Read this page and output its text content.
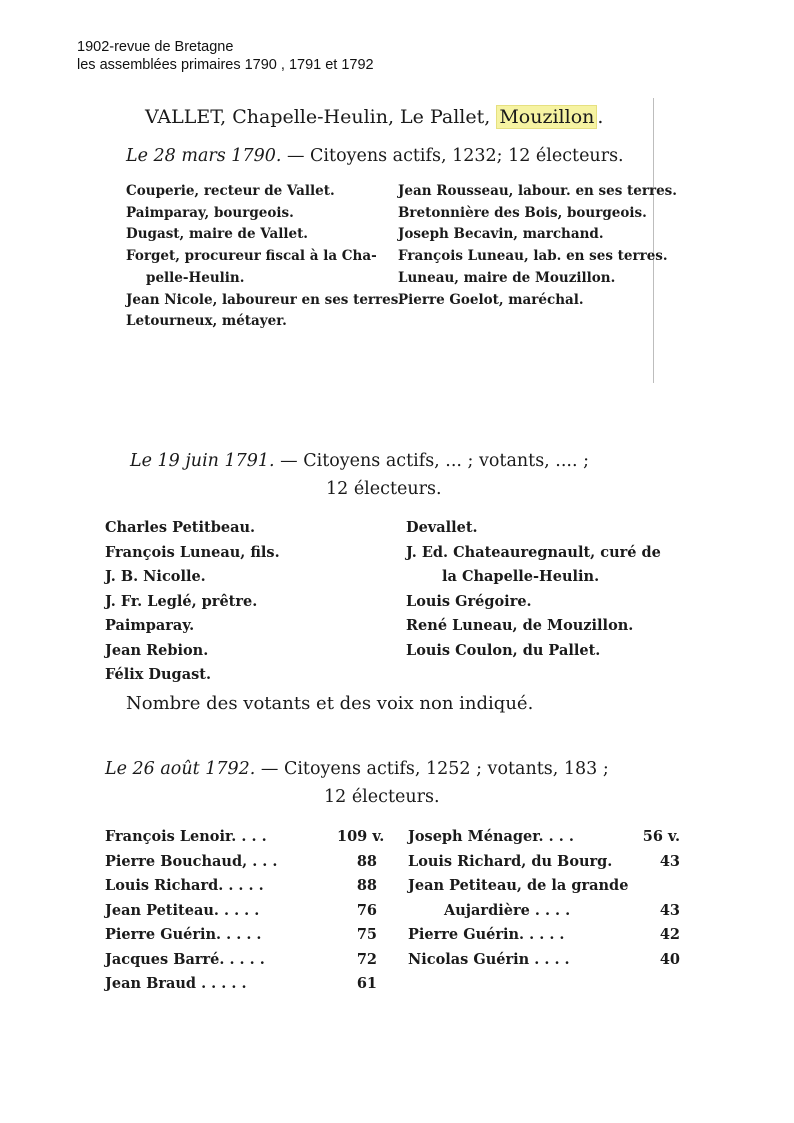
1902-revue de Bretagne
les assemblées primaires 1790 , 1791 et 1792
VALLET, Chapelle-Heulin, Le Pallet, Mouzillon .
Le 28 mars 1790. — Citoyens actifs, 1232; 12 électeurs.
Couperie, recteur de Vallet.
Paimparay, bourgeois.
Dugast, maire de Vallet.
Forget, procureur fiscal à la Cha-
pelle-Heulin.
Jean Nicole, laboureur en ses terres.
Letourneux, métayer.
Jean Rousseau, labour. en ses terres.
Bretonnière des Bois, bourgeois.
Joseph Becavin, marchand.
François Luneau, lab. en ses terres.
Luneau, maire de Mouzillon.
Pierre Goelot, maréchal.
Le 19 juin 1791. — Citoyens actifs, ... ; votants, .... ;
12 électeurs.
Charles Petitbeau.
François Luneau, fils.
J. B. Nicolle.
J. Fr. Leglé, prêtre.
Paimparay.
Jean Rebion.
Félix Dugast.
Devallet.
J. Ed. Chateauregnault, curé de
la Chapelle-Heulin.
Louis Grégoire.
René Luneau, de Mouzillon.
Louis Coulon, du Pallet.
Nombre des votants et des voix non indiqué.
Le 26 août 1792. — Citoyens actifs, 1252 ; votants, 183 ;
12 électeurs.
François Lenoir. . . .	109 v.
Pierre Bouchaud, . . .	88
Louis Richard. . . . .	88
Jean Petiteau. . . . .	76
Pierre Guérin. . . . .	75
Jacques Barré. . . . .	72
Jean Braud . . . . .	61
Joseph Ménager. . . .	56 v.
Louis Richard, du Bourg.	43
Jean Petiteau, de la grande
Aujardière . . . .	43
Pierre Guérin. . . . .	42
Nicolas Guérin . . . .	40
